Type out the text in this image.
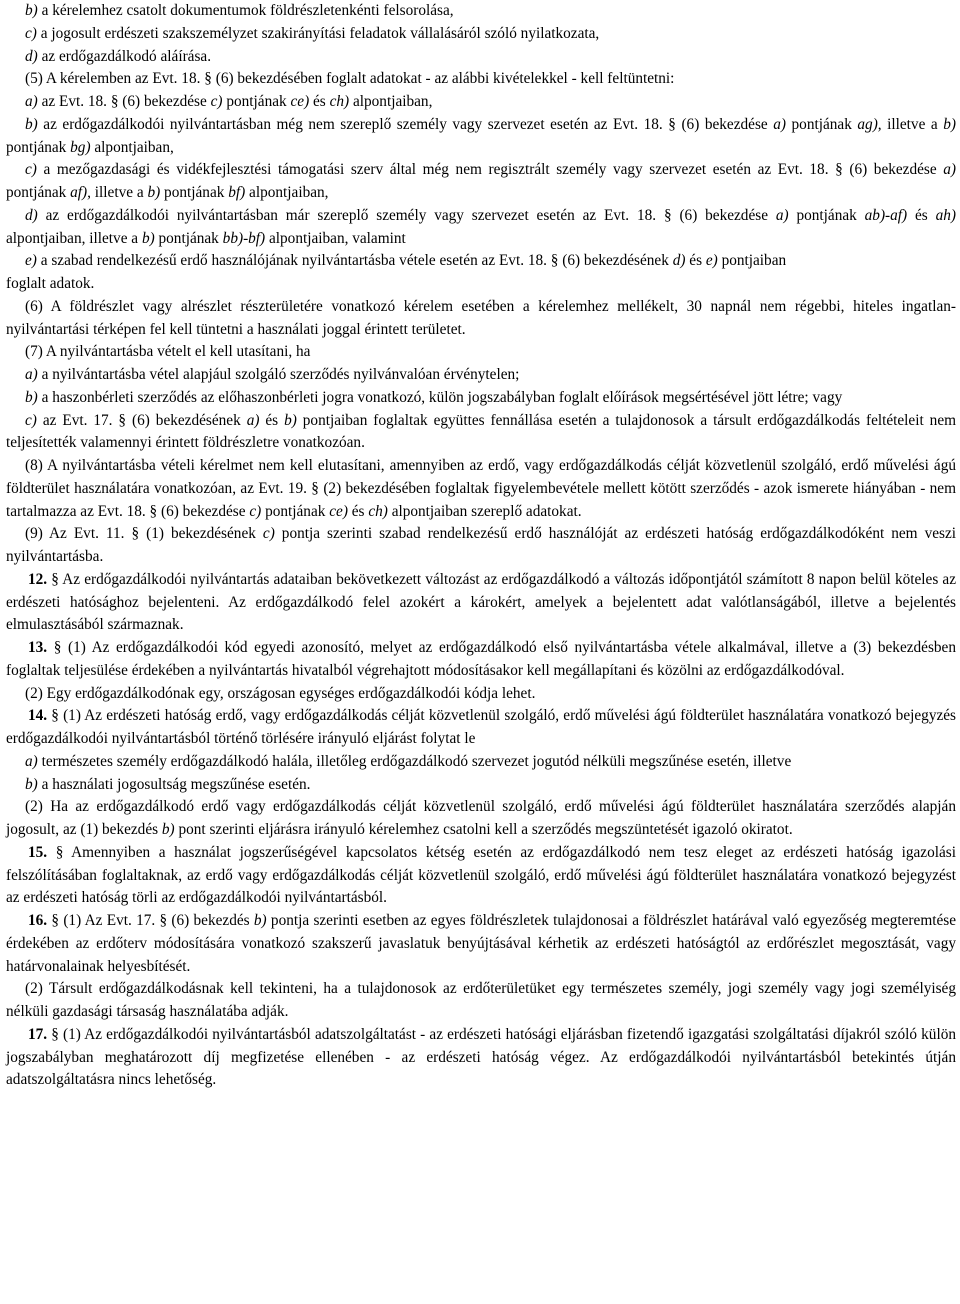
b) a kérelemhez csatolt dokumentumok földrészletenkénti felsorolása,

c) a jogosult erdészeti szakszemélyzet szakirányítási feladatok vállalásáról szóló nyilatkozata,

d) az erdőgazdálkodó aláírása.

(5) A kérelemben az Evt. 18. § (6) bekezdésében foglalt adatokat - az alábbi kivételekkel - kell feltüntetni:

a) az Evt. 18. § (6) bekezdése c) pontjának ce) és ch) alpontjaiban,

b) az erdőgazdálkodói nyilvántartásban még nem szereplő személy vagy szervezet esetén az Evt. 18. § (6) bekezdése a) pontjának ag), illetve a b) pontjának bg) alpontjaiban,

c) a mezőgazdasági és vidékfejlesztési támogatási szerv által még nem regisztrált személy vagy szervezet esetén az Evt. 18. § (6) bekezdése a) pontjának af), illetve a b) pontjának bf) alpontjaiban,

d) az erdőgazdálkodói nyilvántartásban már szereplő személy vagy szervezet esetén az Evt. 18. § (6) bekezdése a) pontjának ab)-af) és ah) alpontjaiban, illetve a b) pontjának bb)-bf) alpontjaiban, valamint

e) a szabad rendelkezésű erdő használójának nyilvántartásba vétele esetén az Evt. 18. § (6) bekezdésének d) és e) pontjaiban

foglalt adatok.

(6) A földrészlet vagy alrészlet részterületére vonatkozó kérelem esetében a kérelemhez mellékelt, 30 napnál nem régebbi, hiteles ingatlan-nyilvántartási térképen fel kell tüntetni a használati joggal érintett területet.

(7) A nyilvántartásba vételt el kell utasítani, ha

a) a nyilvántartásba vétel alapjául szolgáló szerződés nyilvánvalóan érvénytelen;

b) a haszonbérleti szerződés az előhaszonbérleti jogra vonatkozó, külön jogszabályban foglalt előírások megsértésével jött létre; vagy

c) az Evt. 17. § (6) bekezdésének a) és b) pontjaiban foglaltak együttes fennállása esetén a tulajdonosok a társult erdőgazdálkodás feltételeit nem teljesítették valamennyi érintett földrészletre vonatkozóan.

(8) A nyilvántartásba vételi kérelmet nem kell elutasítani, amennyiben az erdő, vagy erdőgazdálkodás célját közvetlenül szolgáló, erdő művelési ágú földterület használatára vonatkozóan, az Evt. 19. § (2) bekezdésében foglaltak figyelembevétele mellett kötött szerződés - azok ismerete hiányában - nem tartalmazza az Evt. 18. § (6) bekezdése c) pontjának ce) és ch) alpontjaiban szereplő adatokat.

(9) Az Evt. 11. § (1) bekezdésének c) pontja szerinti szabad rendelkezésű erdő használóját az erdészeti hatóság erdőgazdálkodóként nem veszi nyilvántartásba.

12. § Az erdőgazdálkodói nyilvántartás adataiban bekövetkezett változást az erdőgazdálkodó a változás időpontjától számított 8 napon belül köteles az erdészeti hatósághoz bejelenteni. Az erdőgazdálkodó felel azokért a károkért, amelyek a bejelentett adat valótlanságából, illetve a bejelentés elmulasztásából származnak.

13. § (1) Az erdőgazdálkodói kód egyedi azonosító, melyet az erdőgazdálkodó első nyilvántartásba vétele alkalmával, illetve a (3) bekezdésben foglaltak teljesülése érdekében a nyilvántartás hivatalból végrehajtott módosításakor kell megállapítani és közölni az erdőgazdálkodóval.

(2) Egy erdőgazdálkodónak egy, országosan egységes erdőgazdálkodói kódja lehet.

14. § (1) Az erdészeti hatóság erdő, vagy erdőgazdálkodás célját közvetlenül szolgáló, erdő művelési ágú földterület használatára vonatkozó bejegyzés erdőgazdálkodói nyilvántartásból történő törlésére irányuló eljárást folytat le

a) természetes személy erdőgazdálkodó halála, illetőleg erdőgazdálkodó szervezet jogutód nélküli megszűnése esetén, illetve

b) a használati jogosultság megszűnése esetén.

(2) Ha az erdőgazdálkodó erdő vagy erdőgazdálkodás célját közvetlenül szolgáló, erdő művelési ágú földterület használatára szerződés alapján jogosult, az (1) bekezdés b) pont szerinti eljárásra irányuló kérelemhez csatolni kell a szerződés megszüntetését igazoló okiratot.

15. § Amennyiben a használat jogszerűségével kapcsolatos kétség esetén az erdőgazdálkodó nem tesz eleget az erdészeti hatóság igazolási felszólításában foglaltaknak, az erdő vagy erdőgazdálkodás célját közvetlenül szolgáló, erdő művelési ágú földterület használatára vonatkozó bejegyzést az erdészeti hatóság törli az erdőgazdálkodói nyilvántartásból.

16. § (1) Az Evt. 17. § (6) bekezdés b) pontja szerinti esetben az egyes földrészletek tulajdonosai a földrészlet határával való egyezőség megteremtése érdekében az erdőterv módosítására vonatkozó szakszerű javaslatuk benyújtásával kérhetik az erdészeti hatóságtól az erdőrészlet megosztását, vagy határvonalainak helyesbítését.

(2) Társult erdőgazdálkodásnak kell tekinteni, ha a tulajdonosok az erdőterületüket egy természetes személy, jogi személy vagy jogi személyiség nélküli gazdasági társaság használatába adják.

17. § (1) Az erdőgazdálkodói nyilvántartásból adatszolgáltatást - az erdészeti hatósági eljárásban fizetendő igazgatási szolgáltatási díjakról szóló külön jogszabályban meghatározott díj megfizetése ellenében - az erdészeti hatóság végez. Az erdőgazdálkodói nyilvántartásból betekintés útján adatszolgáltatásra nincs lehetőség.
